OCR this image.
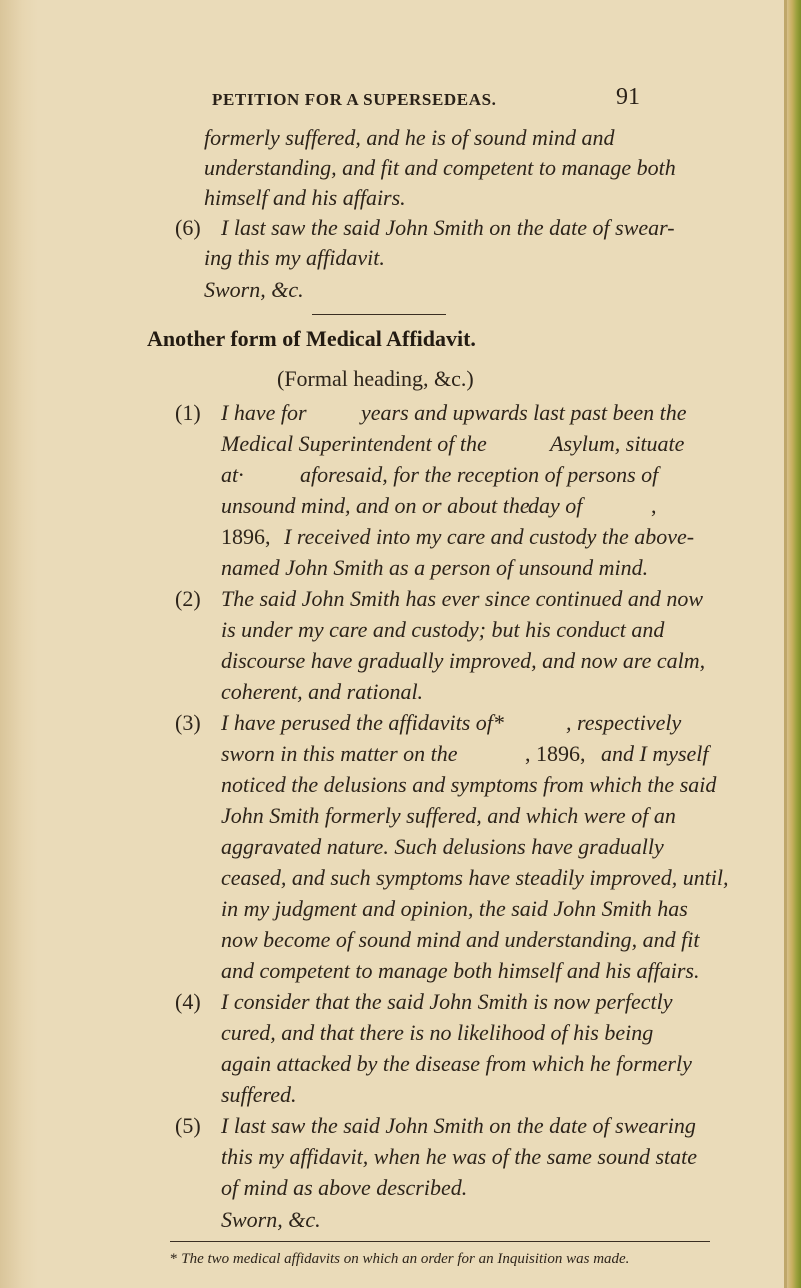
PETITION FOR A SUPERSEDEAS.	91
formerly suffered, and he is of sound mind and
understanding, and fit and competent to manage both
himself and his affairs.
(6) I last saw the said John Smith on the date of swear-
ing this my affidavit.
Sworn, &c.
Another form of Medical Affidavit.
(Formal heading, &c.)
(1) I have for years and upwards last past been the
Medical Superintendent of the	Asylum, situate
at·	aforesaid, for the reception of persons of
unsound mind, and on or about the
day of	,
1896, I received into my care and custody the above-
named John Smith as a person of unsound mind.
(2) The said John Smith has ever since continued and now
is under my care and custody; but his conduct and
discourse have gradually improved, and now are calm,
coherent, and rational.
(3) I have perused the affidavits of*	, respectively
sworn in this matter on the	, 1896, and I myself
noticed the delusions and symptoms from which the said
John Smith formerly suffered, and which were of an
aggravated nature. Such delusions have gradually
ceased, and such symptoms have steadily improved, until,
in my judgment and opinion, the said John Smith has
now become of sound mind and understanding, and fit
and competent to manage both himself and his affairs.
(4) I consider that the said John Smith is now perfectly
cured, and that there is no likelihood of his being
again attacked by the disease from which he formerly
suffered.
(5) I last saw the said John Smith on the date of swearing
this my affidavit, when he was of the same sound state
of mind as above described.
Sworn, &c.
* The two medical affidavits on which an order for an Inquisition was made.
